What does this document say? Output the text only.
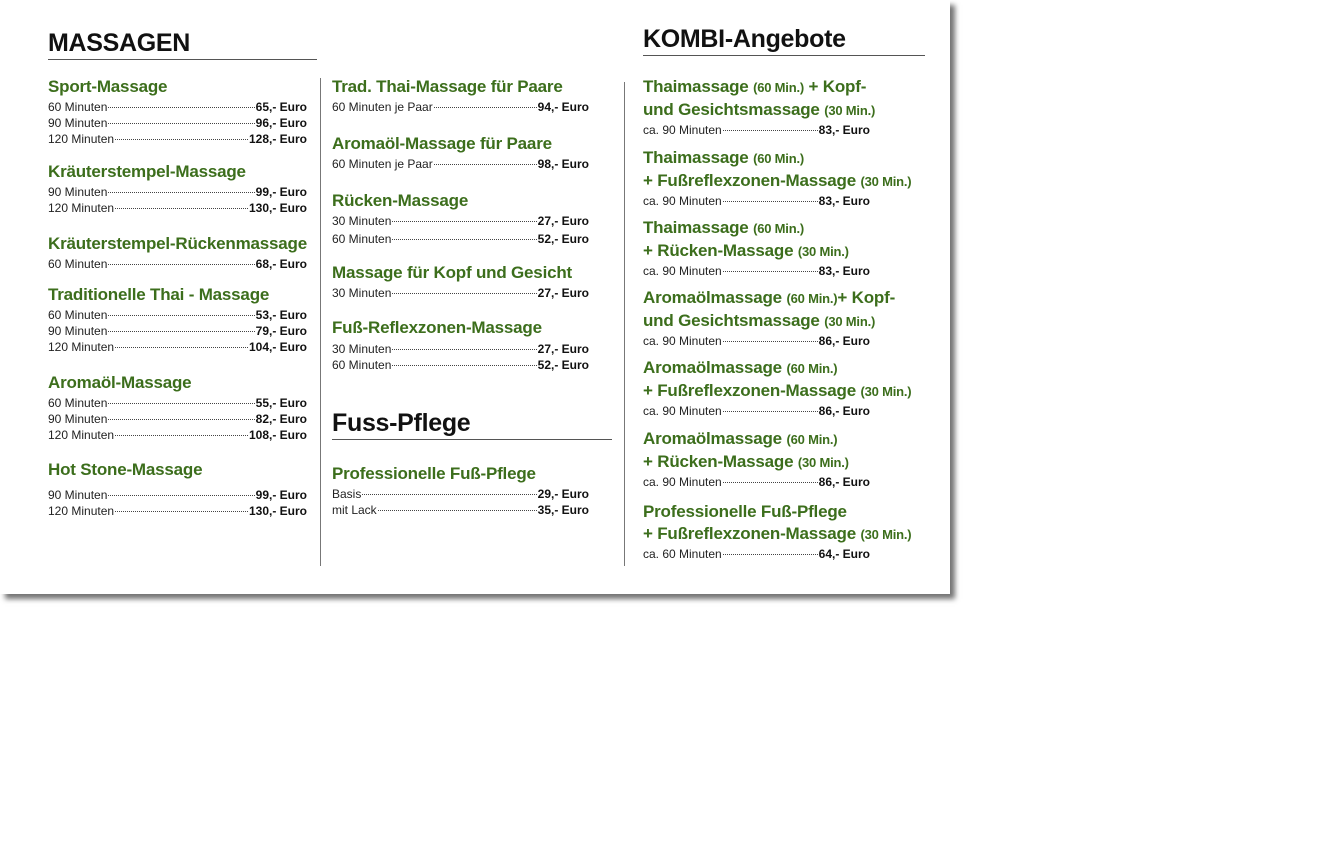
MASSAGEN
Sport-Massage
60 Minuten	65,- Euro
90 Minuten	96,- Euro
120 Minuten	128,- Euro
Kräuterstempel-Massage
90 Minuten	99,- Euro
120 Minuten	130,- Euro
Kräuterstempel-Rückenmassage
60 Minuten	68,- Euro
Traditionelle Thai - Massage
60 Minuten	53,- Euro
90 Minuten	79,- Euro
120 Minuten	104,- Euro
Aromaöl-Massage
60 Minuten	55,- Euro
90 Minuten	82,- Euro
120 Minuten	108,- Euro
Hot Stone-Massage
90 Minuten	99,- Euro
120 Minuten	130,- Euro
Trad. Thai-Massage für Paare
60 Minuten je Paar	94,- Euro
Aromaöl-Massage für Paare
60 Minuten je Paar	98,- Euro
Rücken-Massage
30 Minuten	27,- Euro
60 Minuten	52,- Euro
Massage für Kopf und Gesicht
30 Minuten	27,- Euro
Fuß-Reflexzonen-Massage
30 Minuten	27,- Euro
60 Minuten	52,- Euro
Fuss-Pflege
Professionelle Fuß-Pflege
Basis	29,- Euro
mit Lack	35,- Euro
KOMBI-Angebote
Thaimassage (60 Min.) + Kopf-
und Gesichtsmassage (30 Min.)
ca. 90 Minuten	83,- Euro
Thaimassage (60 Min.)
+ Fußreflexzonen-Massage (30 Min.)
ca. 90 Minuten	83,- Euro
Thaimassage (60 Min.)
+ Rücken-Massage (30 Min.)
ca. 90 Minuten	83,- Euro
Aromaölmassage (60 Min.)+ Kopf-
und Gesichtsmassage (30 Min.)
ca. 90 Minuten	86,- Euro
Aromaölmassage (60 Min.)
+ Fußreflexzonen-Massage (30 Min.)
ca. 90 Minuten	86,- Euro
Aromaölmassage (60 Min.)
+ Rücken-Massage (30 Min.)
ca. 90 Minuten	86,- Euro
Professionelle Fuß-Pflege
+ Fußreflexzonen-Massage (30 Min.)
ca. 60 Minuten	64,- Euro
